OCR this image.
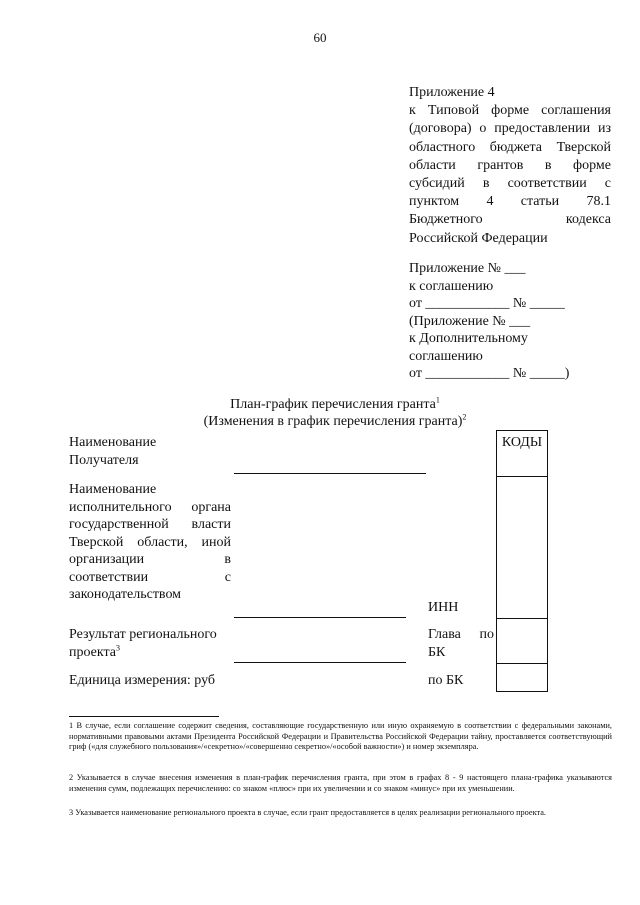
60
Приложение 4
к Типовой форме соглашения
(договора) о предоставлении из
областного бюджета Тверской
области грантов в форме
субсидий в соответствии с
пунктом 4 статьи 78.1
Бюджетного кодекса
Российской Федерации
Приложение № ___
к соглашению
от ____________ № _____
(Приложение № ___
к Дополнительному
соглашению
от ____________ № _____)
План-график перечисления гранта$^1$
(Изменения в график перечисления гранта)$^2$
Наименование
Получателя
Наименование
исполнительного органа
государственной власти
Тверской области, иной
организации в
соответствии с
законодательством
ИНН
Результат регионального
проекта$^3$
Глава по
БК
Единица измерения: руб	по БК
КОДЫ
1 В случае, если соглашение содержит сведения, составляющие государственную или иную охраняемую в соответствии с федеральными законами, нормативными правовыми актами Президента Российской Федерации и Правительства Российской Федерации тайну, проставляется соответствующий гриф («для служебного пользования»/«секретно»/«совершенно секретно»/«особой важности») и номер экземпляра.
2 Указывается в случае внесения изменения в план-график перечисления гранта, при этом в графах 8 - 9 настоящего плана-графика указываются изменения сумм, подлежащих перечислению: со знаком «плюс» при их увеличении и со знаком «минус» при их уменьшении.
3 Указывается наименование регионального проекта в случае, если грант предоставляется в целях реализации регионального проекта.
